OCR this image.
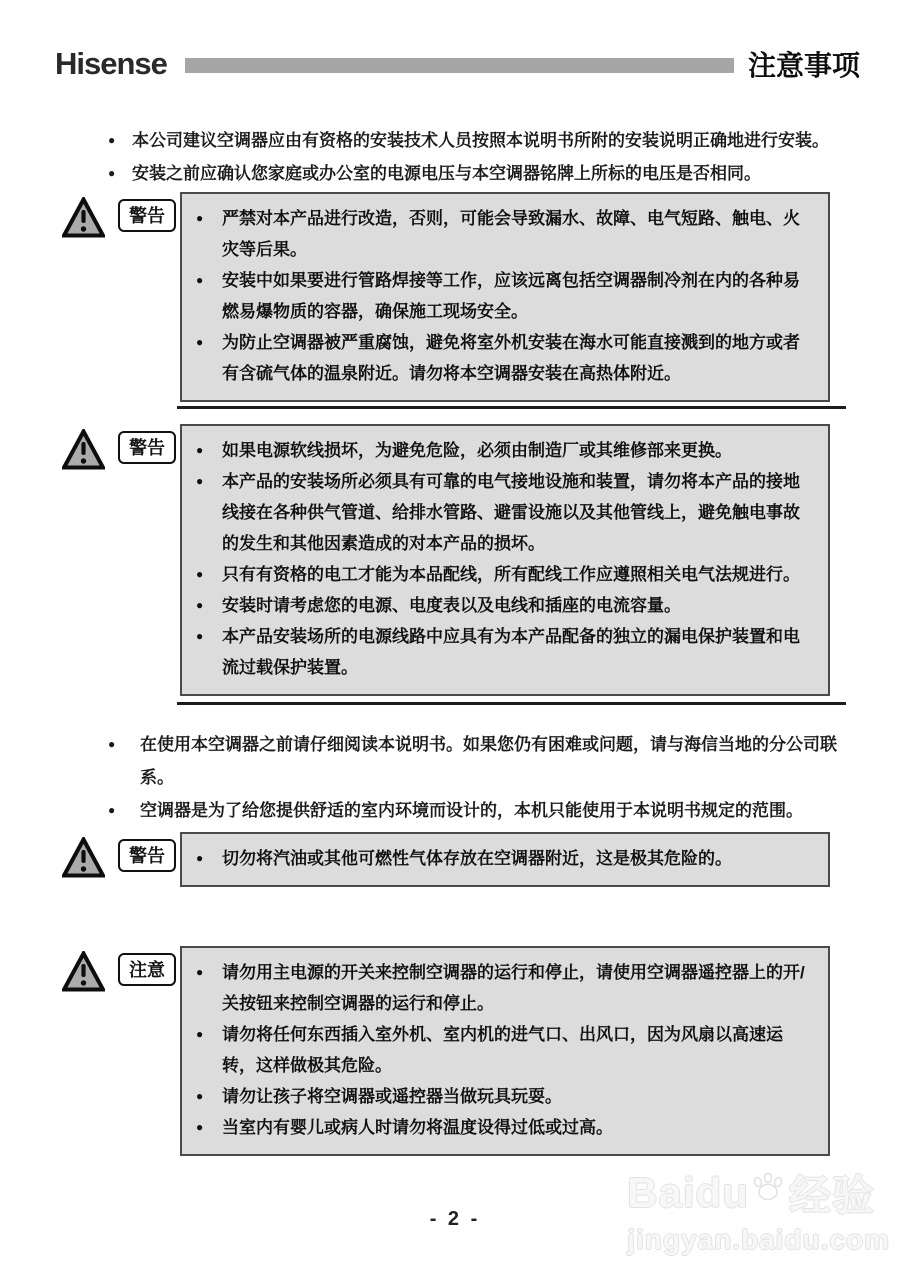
Hisense	注意事项
● 本公司建议空调器应由有资格的安装技术人员按照本说明书所附的安装说明正确地进行安装。
● 安装之前应确认您家庭或办公室的电源电压与本空调器铭牌上所标的电压是否相同。
警告	●	严禁对本产品进行改造，否则，可能会导致漏水、故障、电气短路、触电、火灾等后果。
●	安装中如果要进行管路焊接等工作，应该远离包括空调器制冷剂在内的各种易燃易爆物质的容器，确保施工现场安全。
●	为防止空调器被严重腐蚀，避免将室外机安装在海水可能直接溅到的地方或者有含硫气体的温泉附近。请勿将本空调器安装在高热体附近。
警告	●	如果电源软线损坏，为避免危险，必须由制造厂或其维修部来更换。
●	本产品的安装场所必须具有可靠的电气接地设施和装置，请勿将本产品的接地线接在各种供气管道、给排水管路、避雷设施以及其他管线上，避免触电事故的发生和其他因素造成的对本产品的损坏。
●	只有有资格的电工才能为本品配线，所有配线工作应遵照相关电气法规进行。
●	安装时请考虑您的电源、电度表以及电线和插座的电流容量。
●	本产品安装场所的电源线路中应具有为本产品配备的独立的漏电保护装置和电流过载保护装置。
●	在使用本空调器之前请仔细阅读本说明书。如果您仍有困难或问题，请与海信当地的分公司联系。
●	空调器是为了给您提供舒适的室内环境而设计的，本机只能使用于本说明书规定的范围。
警告	●	切勿将汽油或其他可燃性气体存放在空调器附近，这是极其危险的。
注意	●	请勿用主电源的开关来控制空调器的运行和停止，请使用空调器遥控器上的开/关按钮来控制空调器的运行和停止。
●	请勿将任何东西插入室外机、室内机的进气口、出风口，因为风扇以高速运转，这样做极其危险。
●	请勿让孩子将空调器或遥控器当做玩具玩耍。
●	当室内有婴儿或病人时请勿将温度设得过低或过高。
- 2 -
Baidu 经验
jingyan.baidu.com
